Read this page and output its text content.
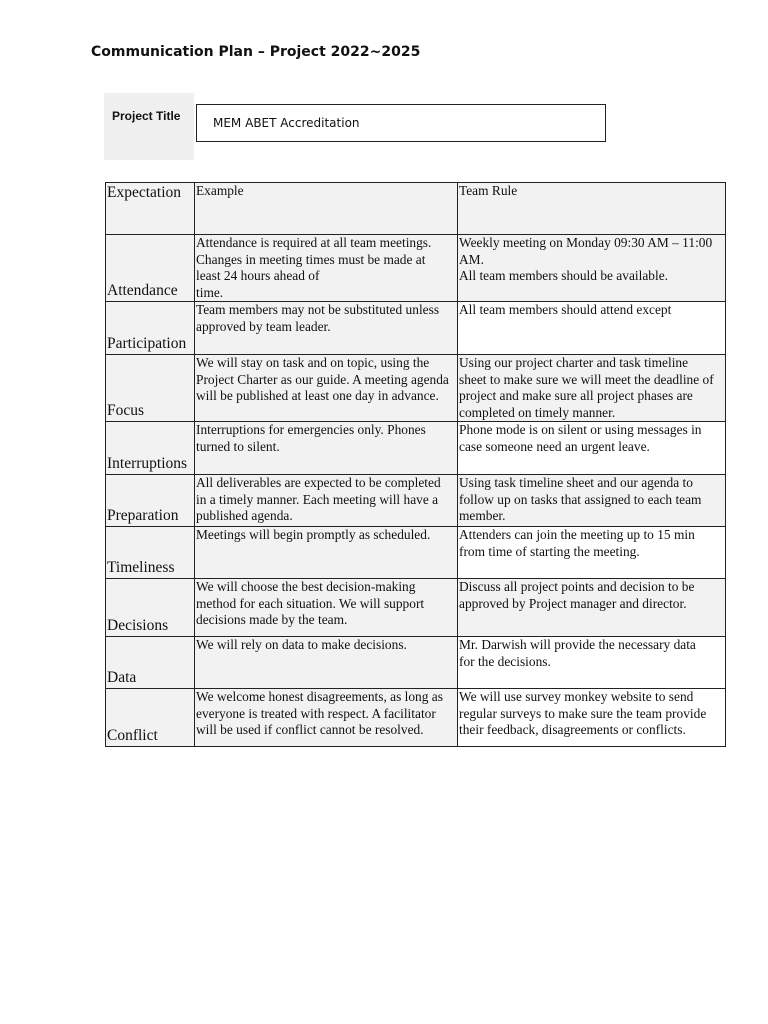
Communication Plan – Project 2022~2025
Project Title	MEM ABET Accreditation
Expectation	Example	Team Rule
Attendance	Attendance is required at all team meetings.
Changes in meeting times must be made at
least 24 hours ahead of
time.	Weekly meeting on Monday 09:30 AM – 11:00
AM.
All team members should be available.

Participation	Team members may not be substituted unless
approved by team leader.	All team members should attend except

Focus	We will stay on task and on topic, using the
Project Charter as our guide. A meeting agenda
will be published at least one day in advance.	Using our project charter and task timeline
sheet to make sure we will meet the deadline of
project and make sure all project phases are
completed on timely manner.

Interruptions	Interruptions for emergencies only. Phones
turned to silent.	Phone mode is on silent or using messages in
case someone need an urgent leave.

Preparation	All deliverables are expected to be completed
in a timely manner. Each meeting will have a
published agenda.	Using task timeline sheet and our agenda to
follow up on tasks that assigned to each team
member.

Timeliness	Meetings will begin promptly as scheduled.	Attenders can join the meeting up to 15 min
from time of starting the meeting.

Decisions	We will choose the best decision-making
method for each situation. We will support
decisions made by the team.	Discuss all project points and decision to be
approved by Project manager and director.

Data	We will rely on data to make decisions.	Mr. Darwish will provide the necessary data
for the decisions.

Conflict	We welcome honest disagreements, as long as
everyone is treated with respect. A facilitator
will be used if conflict cannot be resolved.	We will use survey monkey website to send
regular surveys to make sure the team provide
their feedback, disagreements or conflicts.
